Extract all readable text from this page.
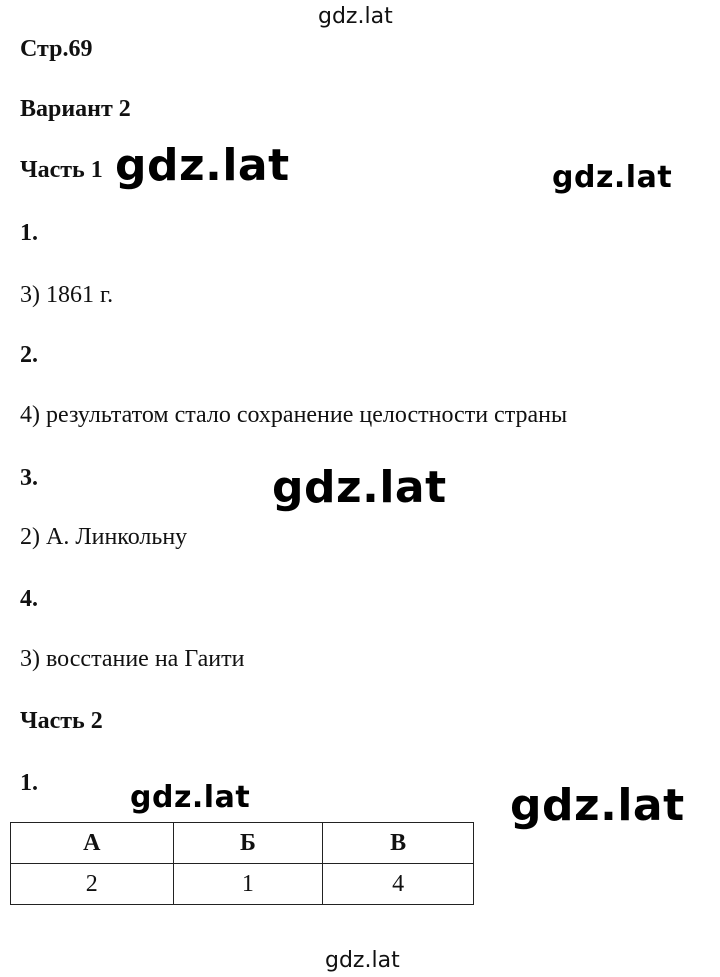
gdz.lat
gdz.lat	gdz.lat
gdz.lat
gdz.lat	gdz.lat
gdz.lat
Стр.69
Вариант 2
Часть 1
1.
3) 1861 г.
2.
4) результатом стало сохранение целостности страны
3.
2) А. Линкольну
4.
3) восстание на Гаити
Часть 2
1.
А	Б	В
2	1	4
